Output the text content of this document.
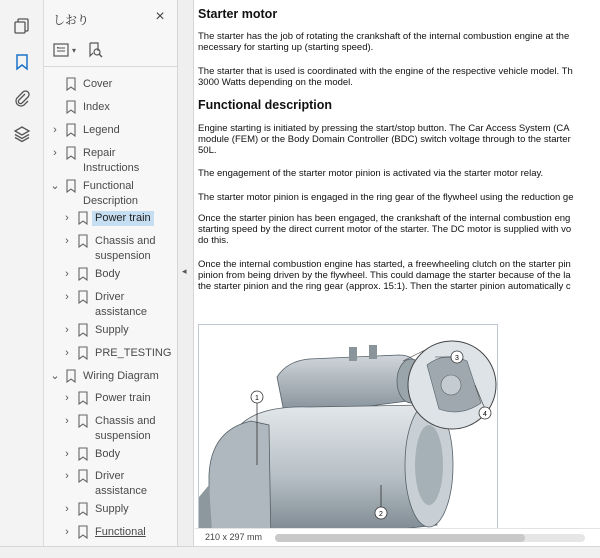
しおり	×
▾
Cover
Index
› Legend
› Repair
Instructions
⌄ Functional
Description
› Power train
› Chassis and
suspension
› Body
› Driver
assistance
› Supply
› PRE_TESTING
⌄ Wiring Diagram
› Power train
› Chassis and
suspension
› Body
› Driver
assistance
› Supply
› Functional
◂
Starter motor
The starter has the job of rotating the crankshaft of the internal combustion engine at the
necessary for starting up (starting speed).
The starter that is used is coordinated with the engine of the respective vehicle model. Th
3000 Watts depending on the model.
Functional description
Engine starting is initiated by pressing the start/stop button. The Car Access System (CA
module (FEM) or the Body Domain Controller (BDC) switch voltage through to the starter
50L.
The engagement of the starter motor pinion is activated via the starter motor relay.
The starter motor pinion is engaged in the ring gear of the flywheel using the reduction ge
Once the starter pinion has been engaged, the crankshaft of the internal combustion eng
starting speed by the direct current motor of the starter. The DC motor is supplied with vo
do this.
Once the internal combustion engine has started, a freewheeling clutch on the starter pin
pinion from being driven by the flywheel. This could damage the starter because of the la
the starter pinion and the ring gear (approx. 15:1). Then the starter pinion automatically c
1
2
3
4
210 x 297 mm
